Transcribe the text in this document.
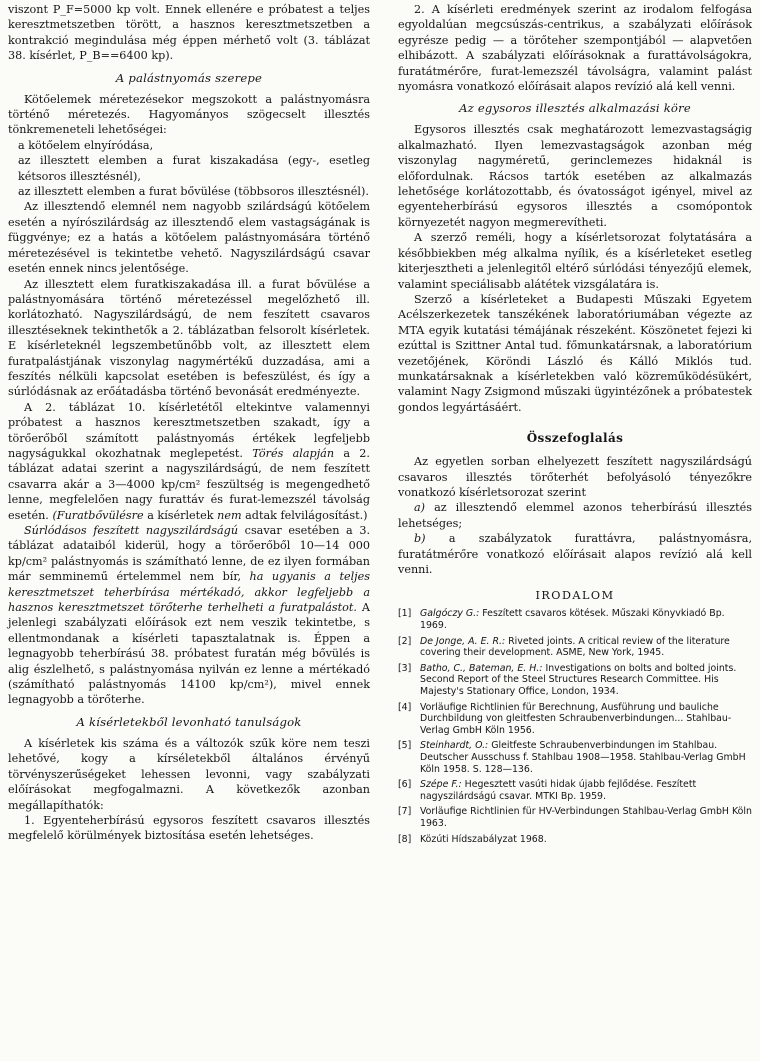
viszont P_F=5000 kp volt. Ennek ellenére e próbatest a teljes keresztmetszetben törött, a hasznos keresztmetszetben a kontrakció megindulása még éppen mérhető volt (3. táblázat 38. kísérlet, P_B==6400 kp).

A palástnyomás szerepe

Kötőelemek méretezésekor megszokott a palástnyomásra történő méretezés. Hagyományos szögecselt illesztés tönkremeneteli lehetőségei:

a kötőelem elnyíródása,

az illesztett elemben a furat kiszakadása (egy-, esetleg kétsoros illesztésnél),

az illesztett elemben a furat bővülése (többsoros illesztésnél).

Az illesztendő elemnél nem nagyobb szilárdságú kötőelem esetén a nyírószilárdság az illesztendő elem vastagságának is függvénye; ez a hatás a kötőelem palástnyomására történő méretezésével is tekintetbe vehető. Nagyszilárdságú csavar esetén ennek nincs jelentősége.

Az illesztett elem furatkiszakadása ill. a furat bővülése a palástnyomására történő méretezéssel megelőzhető ill. korlátozható. Nagyszilárdságú, de nem feszített csavaros illesztéseknek tekinthetők a 2. táblázatban felsorolt kísérletek. E kísérleteknél legszembetűnőbb volt, az illesztett elem furatpalástjának viszonylag nagymértékű duzzadása, ami a feszítés nélküli kapcsolat esetében is befeszülést, és így a súrlódásnak az erőátadásba történő bevonását eredményezte.

A 2. táblázat 10. kísérletétől eltekintve valamennyi próbatest a hasznos keresztmetszetben szakadt, így a törőerőből számított palástnyomás értékek legfeljebb nagyságukkal okozhatnak meglepetést. Törés alapján a 2. táblázat adatai szerint a nagyszilárdságú, de nem feszített csavarra akár a 3—4000 kp/cm² feszültség is megengedhető lenne, megfelelően nagy furattáv és furat-lemezszél távolság esetén. (Furatbővülésre a kísérletek nem adtak felvilágosítást.)

Súrlódásos feszített nagyszilárdságú csavar esetében a 3. táblázat adataiból kiderül, hogy a törőerőből 10—14 000 kp/cm² palástnyomás is számítható lenne, de ez ilyen formában már semminemű értelemmel nem bír, ha ugyanis a teljes keresztmetszet teherbírása mértékadó, akkor legfeljebb a hasznos keresztmetszet törőterhe terhelheti a furatpalástot. A jelenlegi szabályzati előírások ezt nem veszik tekintetbe, s ellentmondanak a kísérleti tapasztalatnak is. Éppen a legnagyobb teherbírású 38. próbatest furatán még bővülés is alig észlelhető, s palástnyomása nyilván ez lenne a mértékadó (számítható palástnyomás 14100 kp/cm²), mivel ennek legnagyobb a törőterhe.

A kísérletekből levonható tanulságok

A kísérletek kis száma és a változók szűk köre nem teszi lehetővé, kogy a kírséletekből általános érvényű törvényszerűségeket lehessen levonni, vagy szabályzati előírásokat megfogalmazni. A következők azonban megállapíthatók:

1. Egyenteherbírású egysoros feszített csavaros illesztés megfelelő körülmények biztosítása esetén lehetséges.

2. A kísérleti eredmények szerint az irodalom felfogása egyoldalúan megcsúszás-centrikus, a szabályzati előírások egyrésze pedig — a törőteher szempontjából — alapvetően elhibázott. A szabályzati előírásoknak a furattávolságokra, furatátmérőre, furat-lemezszél távolságra, valamint palást nyomásra vonatkozó előírásait alapos revízió alá kell venni.

Az egysoros illesztés alkalmazási köre

Egysoros illesztés csak meghatározott lemezvastagságig alkalmazható. Ilyen lemezvastagságok azonban még viszonylag nagyméretű, gerinclemezes hidaknál is előfordulnak. Rácsos tartók esetében az alkalmazás lehetősége korlátozottabb, és óvatosságot igényel, mivel az egyenteherbírású egysoros illesztés a csomópontok környezetét nagyon megmerevítheti.

A szerző reméli, hogy a kísérletsorozat folytatására a későbbiekben még alkalma nyílik, és a kísérleteket esetleg kiterjesztheti a jelenlegitől eltérő súrlódási tényezőjű elemek, valamint speciálisabb alátétek vizsgálatára is.

Szerző a kísérleteket a Budapesti Műszaki Egyetem Acélszerkezetek tanszékének laboratóriumában végezte az MTA egyik kutatási témájának részeként. Köszönetet fejezi ki ezúttal is Szittner Antal tud. főmunkatársnak, a laboratórium vezetőjének, Köröndi László és Kálló Miklós tud. munkatársaknak a kísérletekben való közreműködésükért, valamint Nagy Zsigmond műszaki ügyintézőnek a próbatestek gondos legyártásáért.

Összefoglalás

Az egyetlen sorban elhelyezett feszített nagyszilárdságú csavaros illesztés törőterhét befolyásoló tényezőkre vonatkozó kísérletsorozat szerint

a) az illesztendő elemmel azonos teherbírású illesztés lehetséges;

b) a szabályzatok furattávra, palástnyomásra, furatátmérőre vonatkozó előírásait alapos revízió alá kell venni.

IRODALOM
[1] Galgóczy G.: Feszített csavaros kötések. Műszaki Könyvkiadó Bp. 1969.
[2] De Jonge, A. E. R.: Riveted joints. A critical review of the literature covering their development. ASME, New York, 1945.
[3] Batho, C., Bateman, E. H.: Investigations on bolts and bolted joints. Second Report of the Steel Structures Research Committee. His Majesty's Stationary Office, London, 1934.
[4] Vorläufige Richtlinien für Berechnung, Ausführung und bauliche Durchbildung von gleitfesten Schraubenverbindungen... Stahlbau-Verlag GmbH Köln 1956.
[5] Steinhardt, O.: Gleitfeste Schraubenverbindungen im Stahlbau. Deutscher Ausschuss f. Stahlbau 1908—1958. Stahlbau-Verlag GmbH Köln 1958. S. 128—136.
[6] Szépe F.: Hegesztett vasúti hidak újabb fejlődése. Feszített nagyszilárdságú csavar. MTKI Bp. 1959.
[7] Vorläufige Richtlinien für HV-Verbindungen Stahlbau-Verlag GmbH Köln 1963.
[8] Közúti Hídszabályzat 1968.
